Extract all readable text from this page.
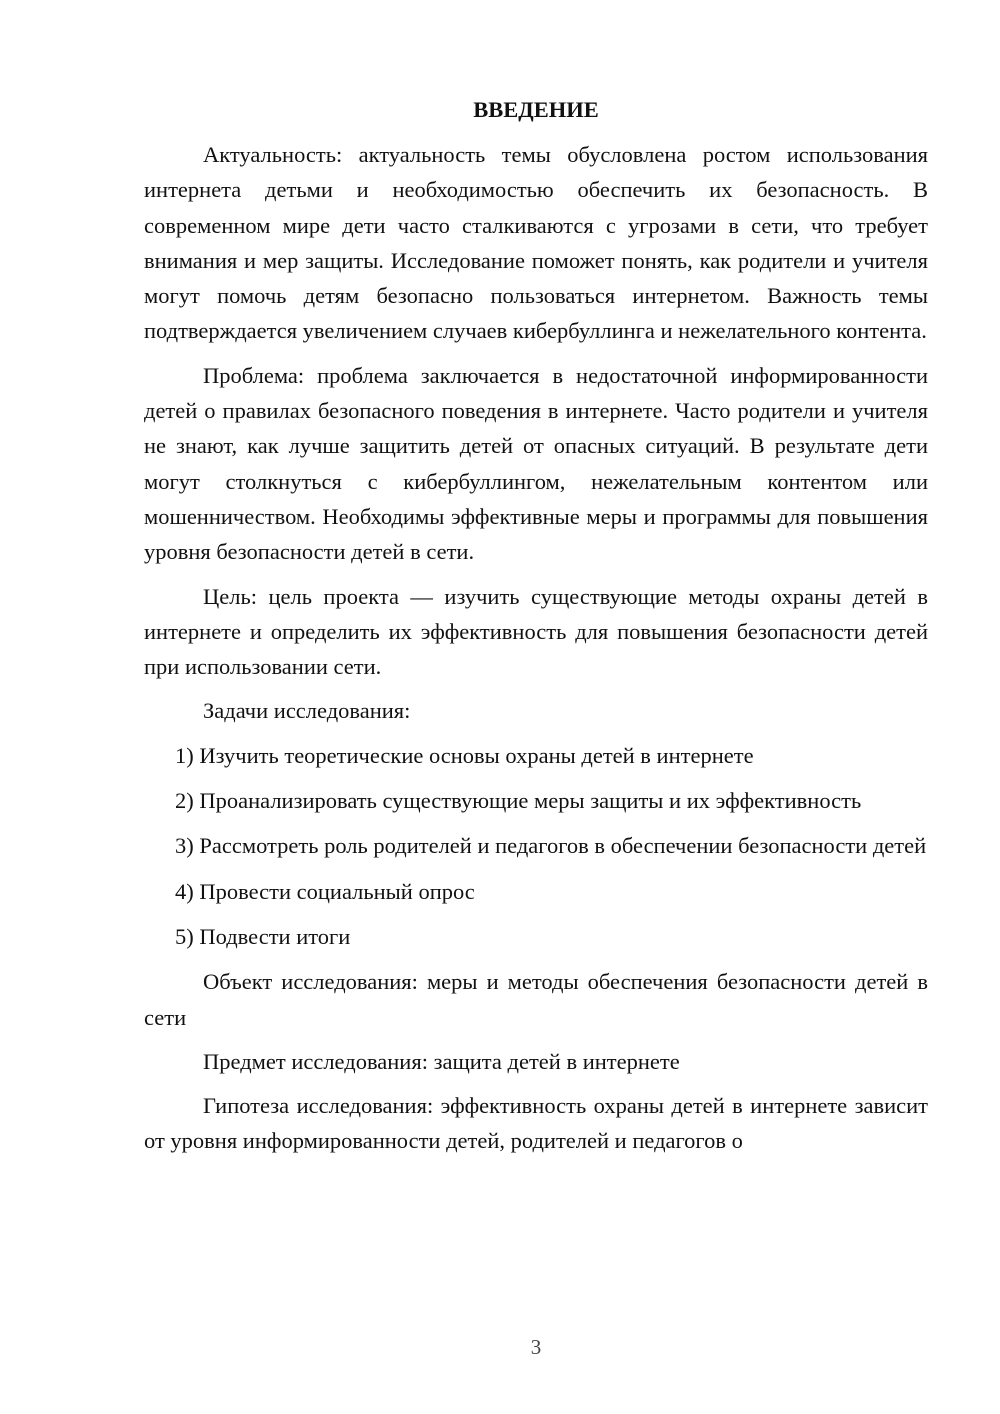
ВВЕДЕНИЕ

Актуальность: актуальность темы обусловлена ростом использования интернета детьми и необходимостью обеспечить их безопасность. В современном мире дети часто сталкиваются с угрозами в сети, что требует внимания и мер защиты. Исследование поможет понять, как родители и учителя могут помочь детям безопасно пользоваться интернетом. Важность темы подтверждается увеличением случаев кибербуллинга и нежелательного контента.

Проблема: проблема заключается в недостаточной информированности детей о правилах безопасного поведения в интернете. Часто родители и учителя не знают, как лучше защитить детей от опасных ситуаций. В результате дети могут столкнуться с кибербуллингом, нежелательным контентом или мошенничеством. Необходимы эффективные меры и программы для повышения уровня безопасности детей в сети.

Цель: цель проекта — изучить существующие методы охраны детей в интернете и определить их эффективность для повышения безопасности детей при использовании сети.

Задачи исследования:

1) Изучить теоретические основы охраны детей в интернете

2) Проанализировать существующие меры защиты и их эффективность

3) Рассмотреть роль родителей и педагогов в обеспечении безопасности детей

4) Провести социальный опрос

5) Подвести итоги

Объект исследования: меры и методы обеспечения безопасности детей в сети

Предмет исследования: защита детей в интернете

Гипотеза исследования: эффективность охраны детей в интернете зависит от уровня информированности детей, родителей и педагогов о

3
